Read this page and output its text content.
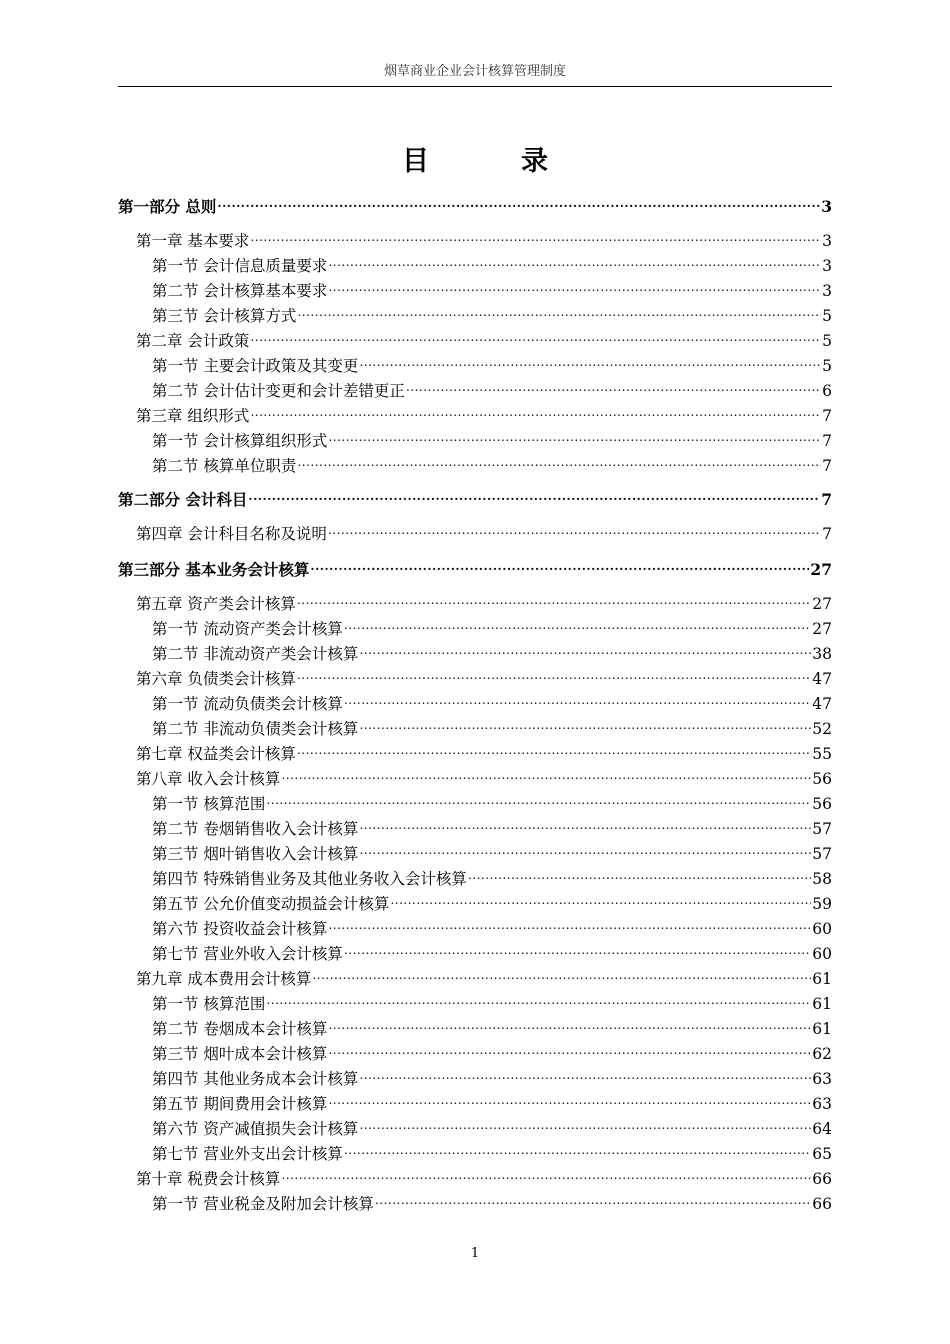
烟草商业企业会计核算管理制度
目录
第一部分 总则 .....	3
第一章 基本要求 .....	3
第一节 会计信息质量要求 .....	3
第二节 会计核算基本要求 .....	3
第三节 会计核算方式 .....	5
第二章 会计政策 .....	5
第一节 主要会计政策及其变更 .....	5
第二节 会计估计变更和会计差错更正 .....	6
第三章 组织形式 .....	7
第一节 会计核算组织形式 .....	7
第二节 核算单位职责 .....	7
第二部分 会计科目 .....	7
第四章 会计科目名称及说明 .....	7
第三部分 基本业务会计核算 .....	27
第五章 资产类会计核算 .....	27
第一节 流动资产类会计核算 .....	27
第二节 非流动资产类会计核算 .....	38
第六章 负债类会计核算 .....	47
第一节 流动负债类会计核算 .....	47
第二节 非流动负债类会计核算 .....	52
第七章 权益类会计核算 .....	55
第八章 收入会计核算 .....	56
第一节 核算范围 .....	56
第二节 卷烟销售收入会计核算 .....	57
第三节 烟叶销售收入会计核算 .....	57
第四节 特殊销售业务及其他业务收入会计核算 .....	58
第五节 公允价值变动损益会计核算 .....	59
第六节 投资收益会计核算 .....	60
第七节 营业外收入会计核算 .....	60
第九章 成本费用会计核算 .....	61
第一节 核算范围 .....	61
第二节 卷烟成本会计核算 .....	61
第三节 烟叶成本会计核算 .....	62
第四节 其他业务成本会计核算 .....	63
第五节 期间费用会计核算 .....	63
第六节 资产减值损失会计核算 .....	64
第七节 营业外支出会计核算 .....	65
第十章 税费会计核算 .....	66
第一节 营业税金及附加会计核算 .....	66
1
